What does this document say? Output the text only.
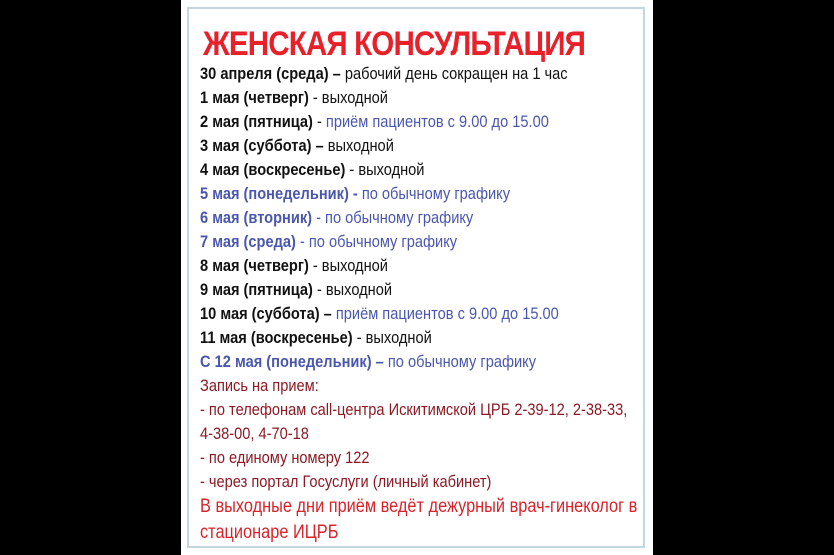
ЖЕНСКАЯ КОНСУЛЬТАЦИЯ
30 апреля (среда) – рабочий день сокращен на 1 час
1 мая (четверг) - выходной
2 мая (пятница) - приём пациентов с 9.00 до 15.00
3 мая (суббота) – выходной
4 мая (воскресенье) - выходной
5 мая (понедельник) - по обычному графику
6 мая (вторник) - по обычному графику
7 мая (среда) - по обычному графику
8 мая (четверг) - выходной
9 мая (пятница) - выходной
10 мая (суббота) – приём пациентов с 9.00 до 15.00
11 мая (воскресенье) - выходной
С 12 мая (понедельник) – по обычному графику
Запись на прием:
- по телефонам call-центра Искитимской ЦРБ 2-39-12, 2-38-33,
4-38-00, 4-70-18
- по единому номеру 122
- через портал Госуслуги (личный кабинет)
В выходные дни приём ведёт дежурный врач-гинеколог в
стационаре ИЦРБ
